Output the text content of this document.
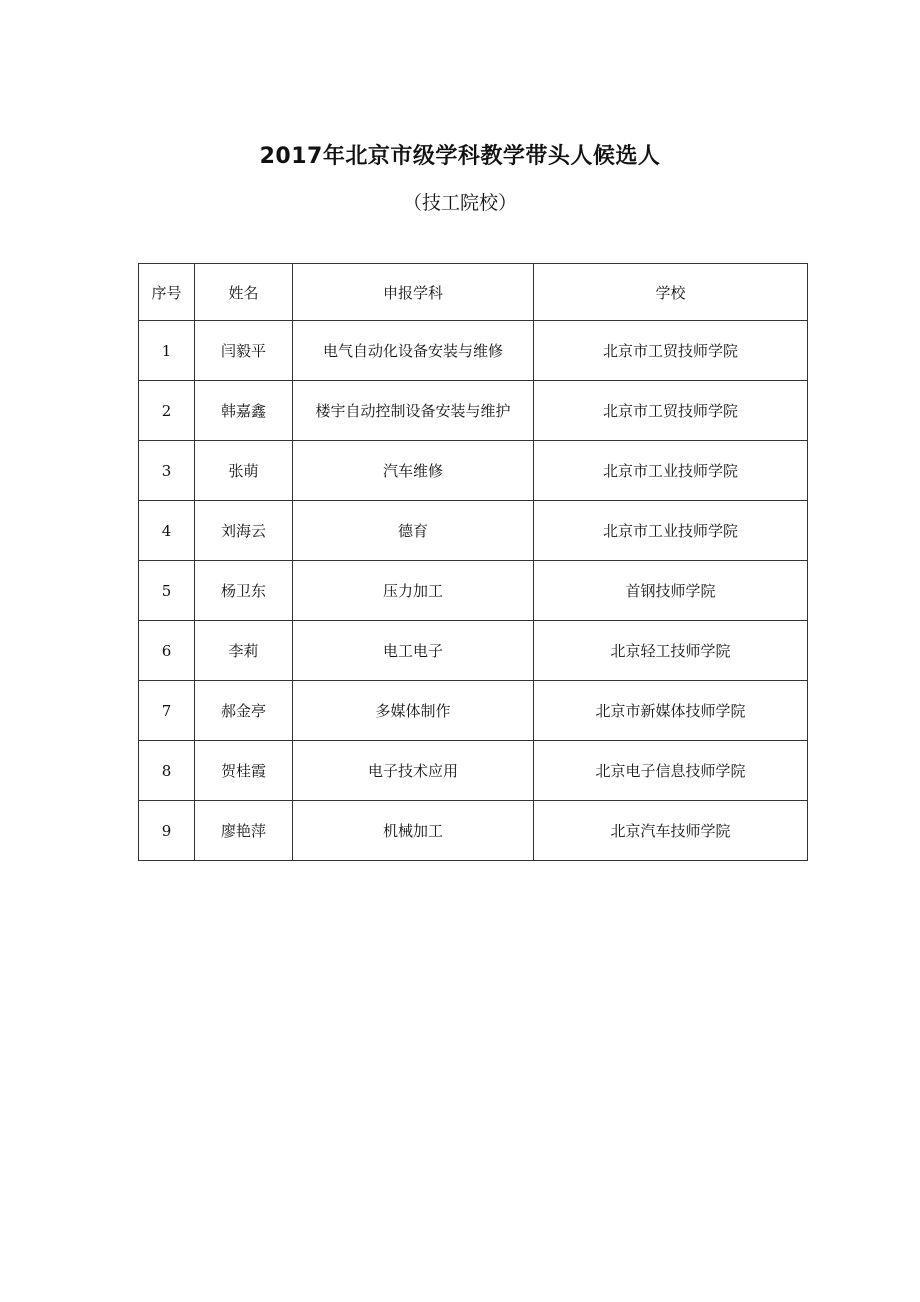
2017年北京市级学科教学带头人候选人
（技工院校）
序号	姓名	申报学科	学校
1	闫毅平	电气自动化设备安装与维修	北京市工贸技师学院
2	韩嘉鑫	楼宇自动控制设备安装与维护	北京市工贸技师学院
3	张萌	汽车维修	北京市工业技师学院
4	刘海云	德育	北京市工业技师学院
5	杨卫东	压力加工	首钢技师学院
6	李莉	电工电子	北京轻工技师学院
7	郝金亭	多媒体制作	北京市新媒体技师学院
8	贺桂霞	电子技术应用	北京电子信息技师学院
9	廖艳萍	机械加工	北京汽车技师学院
